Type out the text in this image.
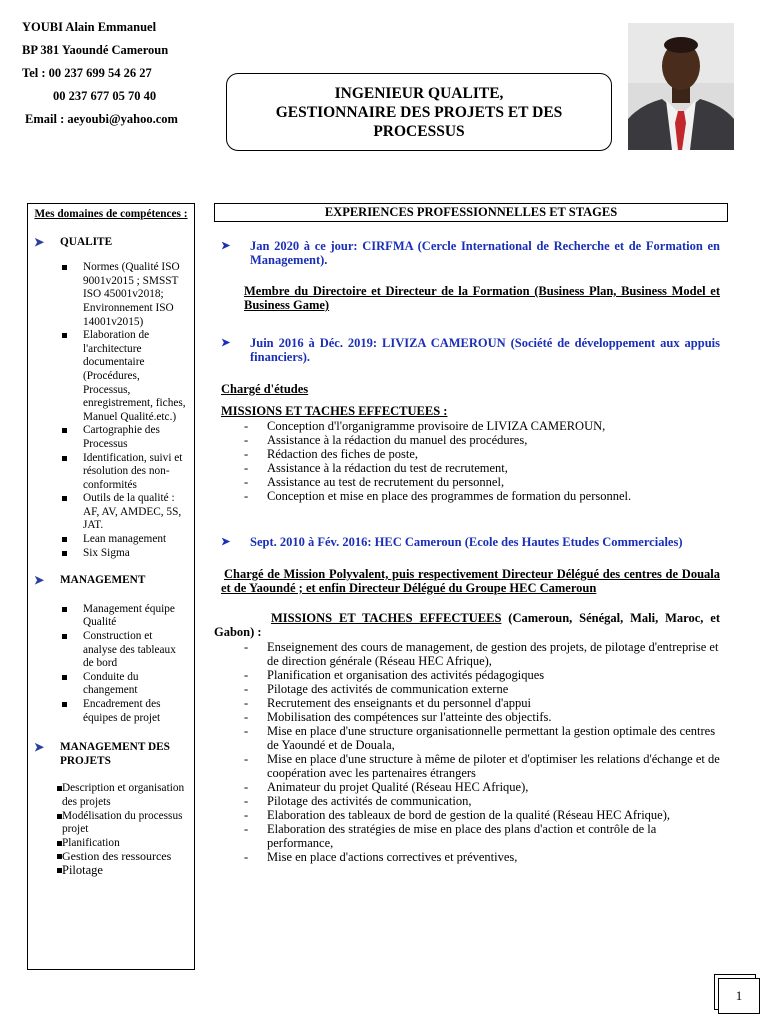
YOUBI Alain Emmanuel
BP 381 Yaoundé Cameroun
Tel : 00 237 699 54 26 27
00 237 677 05 70 40
Email : aeyoubi@yahoo.com
INGENIEUR QUALITE,
GESTIONNAIRE DES PROJETS ET DES
PROCESSUS
Mes domaines de compétences :
➤	QUALITE
Normes (Qualité ISO 9001v2015 ; SMSST ISO 45001v2018; Environnement ISO 14001v2015)
Elaboration de l'architecture documentaire (Procédures, Processus, enregistrement, fiches, Manuel Qualité.etc.)
Cartographie des Processus
Identification, suivi et résolution des non-conformités
Outils de la qualité : AF, AV, AMDEC, 5S, JAT.
Lean management
Six Sigma
➤	MANAGEMENT
Management équipe Qualité
Construction et analyse des tableaux de bord
Conduite du changement
Encadrement des équipes de projet
➤	MANAGEMENT DES PROJETS
Description et organisation des projets
Modélisation du processus projet
Planification
Gestion des ressources
Pilotage
EXPERIENCES PROFESSIONNELLES ET STAGES
➤	Jan 2020 à ce jour: CIRFMA (Cercle International de Recherche et de Formation en Management).
Membre du Directoire et Directeur de la Formation (Business Plan, Business Model et Business Game)
➤	Juin 2016 à Déc. 2019: LIVIZA CAMEROUN (Société de développement aux appuis financiers).
Chargé d'études
MISSIONS ET TACHES EFFECTUEES :
- Conception d'l'organigramme provisoire de LIVIZA CAMEROUN,
- Assistance à la rédaction du manuel des procédures,
- Rédaction des fiches de poste,
- Assistance à la rédaction du test de recrutement,
- Assistance au test de recrutement du personnel,
- Conception et mise en place des programmes de formation du personnel.
➤	Sept. 2010 à Fév. 2016: HEC Cameroun (Ecole des Hautes Etudes Commerciales)
Chargé de Mission Polyvalent, puis respectivement Directeur Délégué des centres de Douala et de Yaoundé ; et enfin Directeur Délégué du Groupe HEC Cameroun
MISSIONS ET TACHES EFFECTUEES (Cameroun, Sénégal, Mali, Maroc, et Gabon) :
- Enseignement des cours de management, de gestion des projets, de pilotage d'entreprise et de direction générale (Réseau HEC Afrique),
- Planification et organisation des activités pédagogiques
- Pilotage des activités de communication externe
- Recrutement des enseignants et du personnel d'appui
- Mobilisation des compétences sur l'atteinte des objectifs.
- Mise en place d'une structure organisationnelle permettant la gestion optimale des centres de Yaoundé et de Douala,
- Mise en place d'une structure à même de piloter et d'optimiser les relations d'échange et de coopération avec les partenaires étrangers
- Animateur du projet Qualité (Réseau HEC Afrique),
- Pilotage des activités de communication,
- Elaboration des tableaux de bord de gestion de la qualité (Réseau HEC Afrique),
- Elaboration des stratégies de mise en place des plans d'action et contrôle de la performance,
- Mise en place d'actions correctives et préventives,
1
